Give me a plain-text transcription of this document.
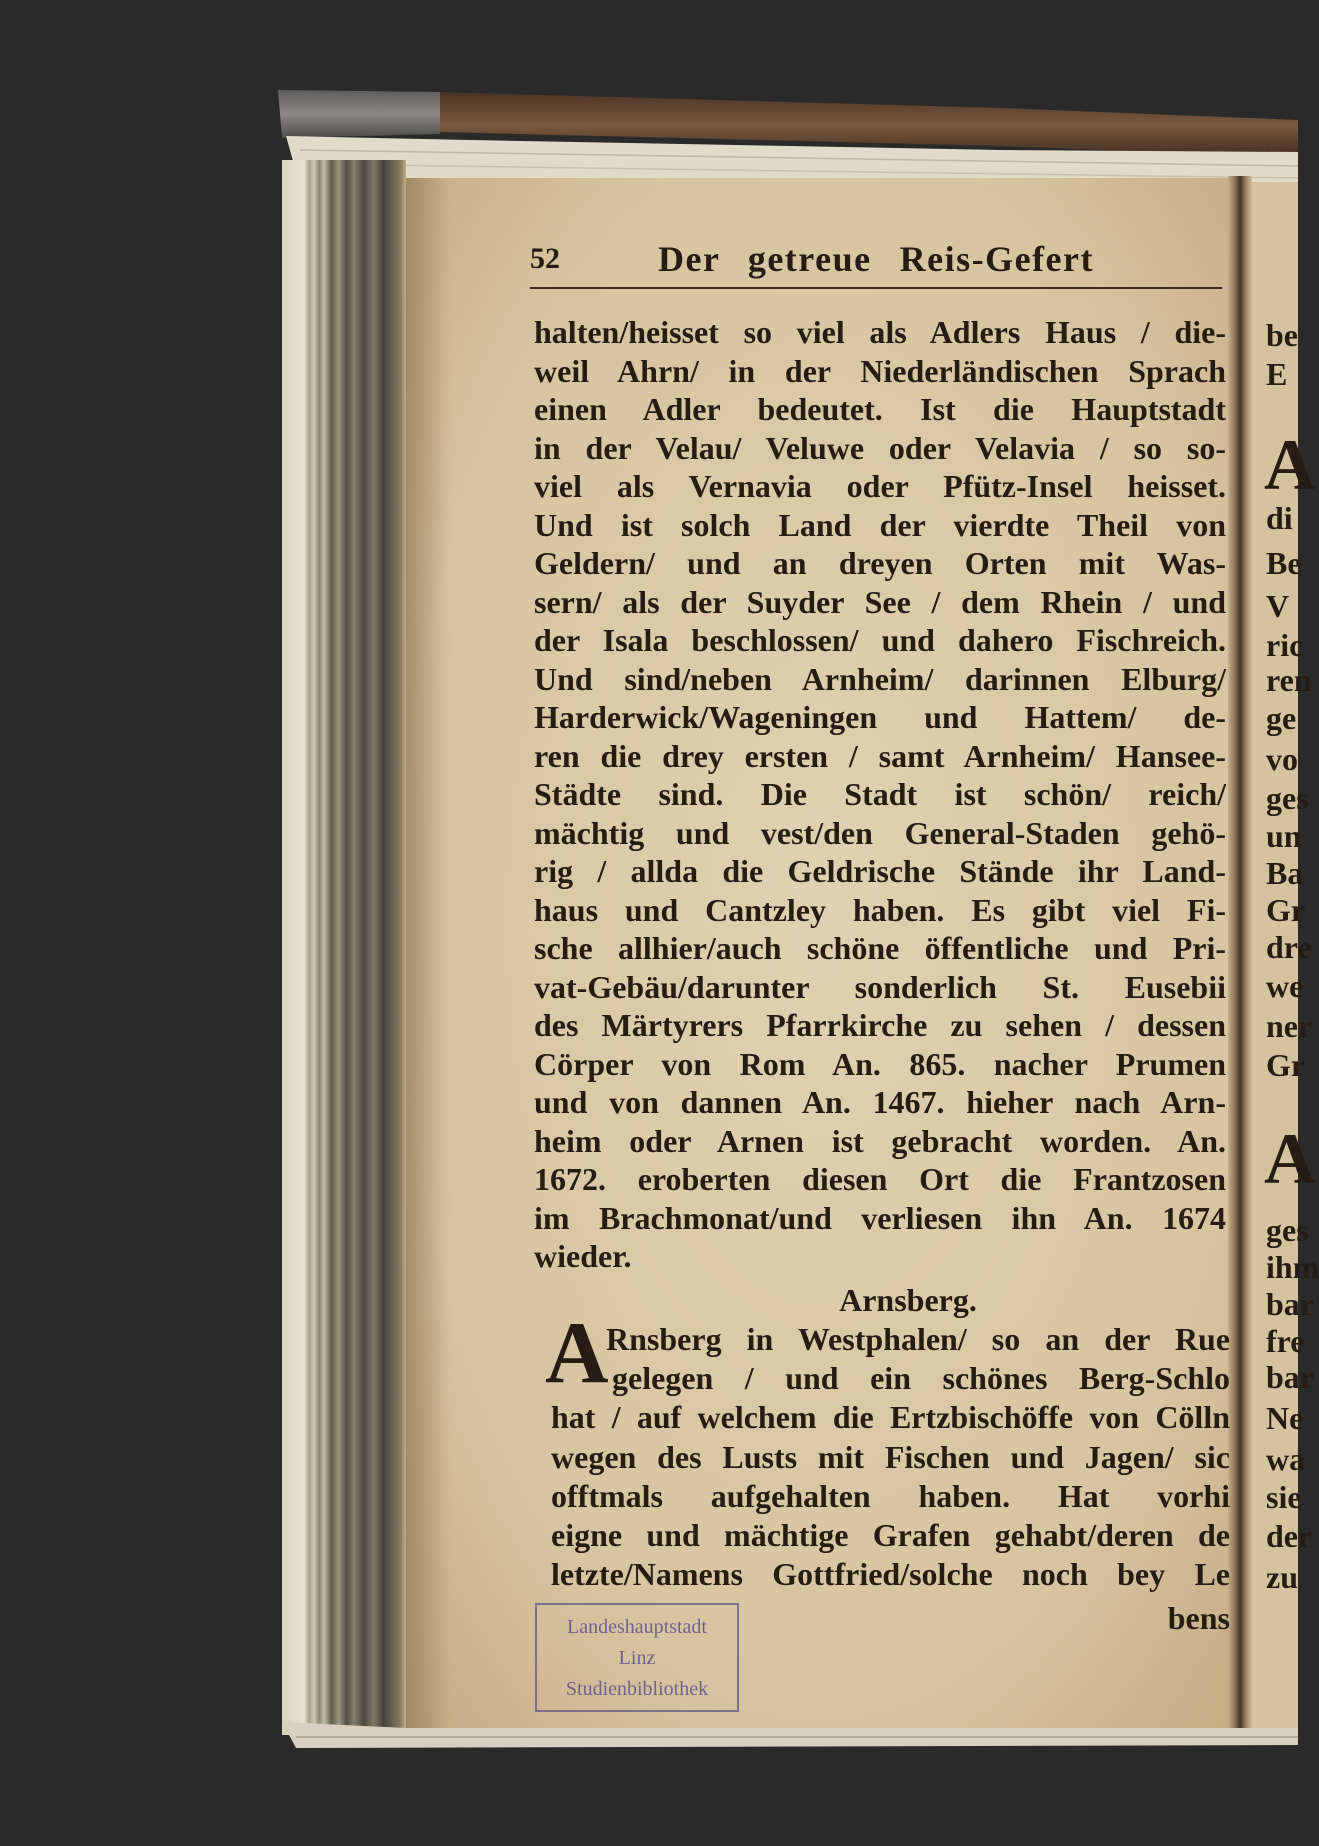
52	Der getreue Reis-Gefert
halten/heisset so viel als Adlers Haus / die-
weil Ahrn/ in der Niederländischen Sprach
einen Adler bedeutet. Ist die Hauptstadt
in der Velau/ Veluwe oder Velavia / so so-
viel als Vernavia oder Pfütz-Insel heisset.
Und ist solch Land der vierdte Theil von
Geldern/ und an dreyen Orten mit Was-
sern/ als der Suyder See / dem Rhein / und
der Isala beschlossen/ und dahero Fischreich.
Und sind/neben Arnheim/ darinnen Elburg/
Harderwick/Wageningen und Hattem/ de-
ren die drey ersten / samt Arnheim/ Hansee-
Städte sind. Die Stadt ist schön/ reich/
mächtig und vest/den General-Staden gehö-
rig / allda die Geldrische Stände ihr Land-
haus und Cantzley haben. Es gibt viel Fi-
sche allhier/auch schöne öffentliche und Pri-
vat-Gebäu/darunter sonderlich St. Eusebii
des Märtyrers Pfarrkirche zu sehen / dessen
Cörper von Rom An. 865. nacher Prumen
und von dannen An. 1467. hieher nach Arn-
heim oder Arnen ist gebracht worden. An.
1672. eroberten diesen Ort die Frantzosen
im Brachmonat/und verliesen ihn An. 1674
wieder.
Arnsberg.
A
Rnsberg in Westphalen/ so an der Rue
gelegen / und ein schönes Berg-Schlo
hat / auf welchem die Ertzbischöffe von Cölln
wegen des Lusts mit Fischen und Jagen/ sic
offtmals aufgehalten haben. Hat vorhi
eigne und mächtige Grafen gehabt/deren de
letzte/Namens Gottfried/solche noch bey Le
bens
Landeshauptstadt
Linz
Studienbibliothek
be
E
A
di
Be
V
ric
ren
ge
vo
ges
un
Ba
Gr
dre
we
ner
Gr
A
ges
ihm
bar
fre
bar
Ne
wa
sie
der
zu
